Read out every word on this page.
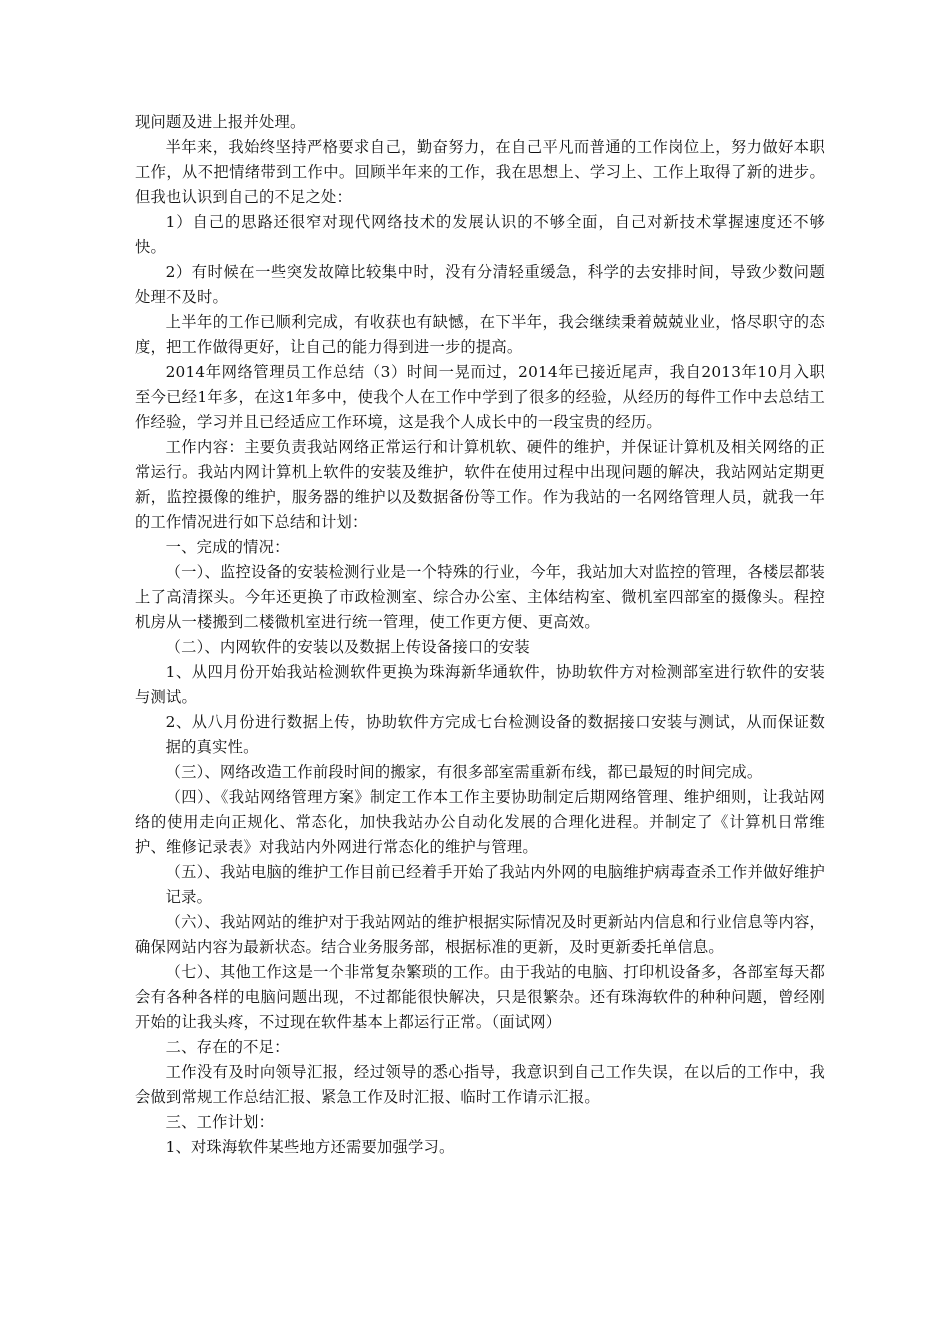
现问题及进上报并处理。

半年来，我始终坚持严格要求自己，勤奋努力，在自己平凡而普通的工作岗位上，努力做好本职工作，从不把情绪带到工作中。回顾半年来的工作，我在思想上、学习上、工作上取得了新的进步。但我也认识到自己的不足之处：

1）自己的思路还很窄对现代网络技术的发展认识的不够全面，自己对新技术掌握速度还不够快。

2）有时候在一些突发故障比较集中时，没有分清轻重缓急，科学的去安排时间，导致少数问题处理不及时。

上半年的工作已顺利完成，有收获也有缺憾，在下半年，我会继续秉着兢兢业业，恪尽职守的态度，把工作做得更好，让自己的能力得到进一步的提高。

2014年网络管理员工作总结（3）时间一晃而过，2014年已接近尾声，我自2013年10月入职至今已经1年多，在这1年多中，使我个人在工作中学到了很多的经验，从经历的每件工作中去总结工作经验，学习并且已经适应工作环境，这是我个人成长中的一段宝贵的经历。

工作内容：主要负责我站网络正常运行和计算机软、硬件的维护，并保证计算机及相关网络的正常运行。我站内网计算机上软件的安装及维护，软件在使用过程中出现问题的解决，我站网站定期更新，监控摄像的维护，服务器的维护以及数据备份等工作。作为我站的一名网络管理人员，就我一年的工作情况进行如下总结和计划：

一、完成的情况：

（一）、监控设备的安装检测行业是一个特殊的行业，今年，我站加大对监控的管理，各楼层都装上了高清探头。今年还更换了市政检测室、综合办公室、主体结构室、微机室四部室的摄像头。程控机房从一楼搬到二楼微机室进行统一管理，使工作更方便、更高效。

（二）、内网软件的安装以及数据上传设备接口的安装

1、从四月份开始我站检测软件更换为珠海新华通软件，协助软件方对检测部室进行软件的安装与测试。

2、从八月份进行数据上传，协助软件方完成七台检测设备的数据接口安装与测试，从而保证数据的真实性。

（三）、网络改造工作前段时间的搬家，有很多部室需重新布线，都已最短的时间完成。

（四）、《我站网络管理方案》制定工作本工作主要协助制定后期网络管理、维护细则，让我站网络的使用走向正规化、常态化，加快我站办公自动化发展的合理化进程。并制定了《计算机日常维护、维修记录表》对我站内外网进行常态化的维护与管理。

（五）、我站电脑的维护工作目前已经着手开始了我站内外网的电脑维护病毒查杀工作并做好维护记录。

（六）、我站网站的维护对于我站网站的维护根据实际情况及时更新站内信息和行业信息等内容，确保网站内容为最新状态。结合业务服务部，根据标准的更新，及时更新委托单信息。

（七）、其他工作这是一个非常复杂繁琐的工作。由于我站的电脑、打印机设备多，各部室每天都会有各种各样的电脑问题出现，不过都能很快解决，只是很繁杂。还有珠海软件的种种问题，曾经刚开始的让我头疼，不过现在软件基本上都运行正常。（面试网）

二、存在的不足：

工作没有及时向领导汇报，经过领导的悉心指导，我意识到自己工作失误，在以后的工作中，我会做到常规工作总结汇报、紧急工作及时汇报、临时工作请示汇报。

三、工作计划：

1、对珠海软件某些地方还需要加强学习。
